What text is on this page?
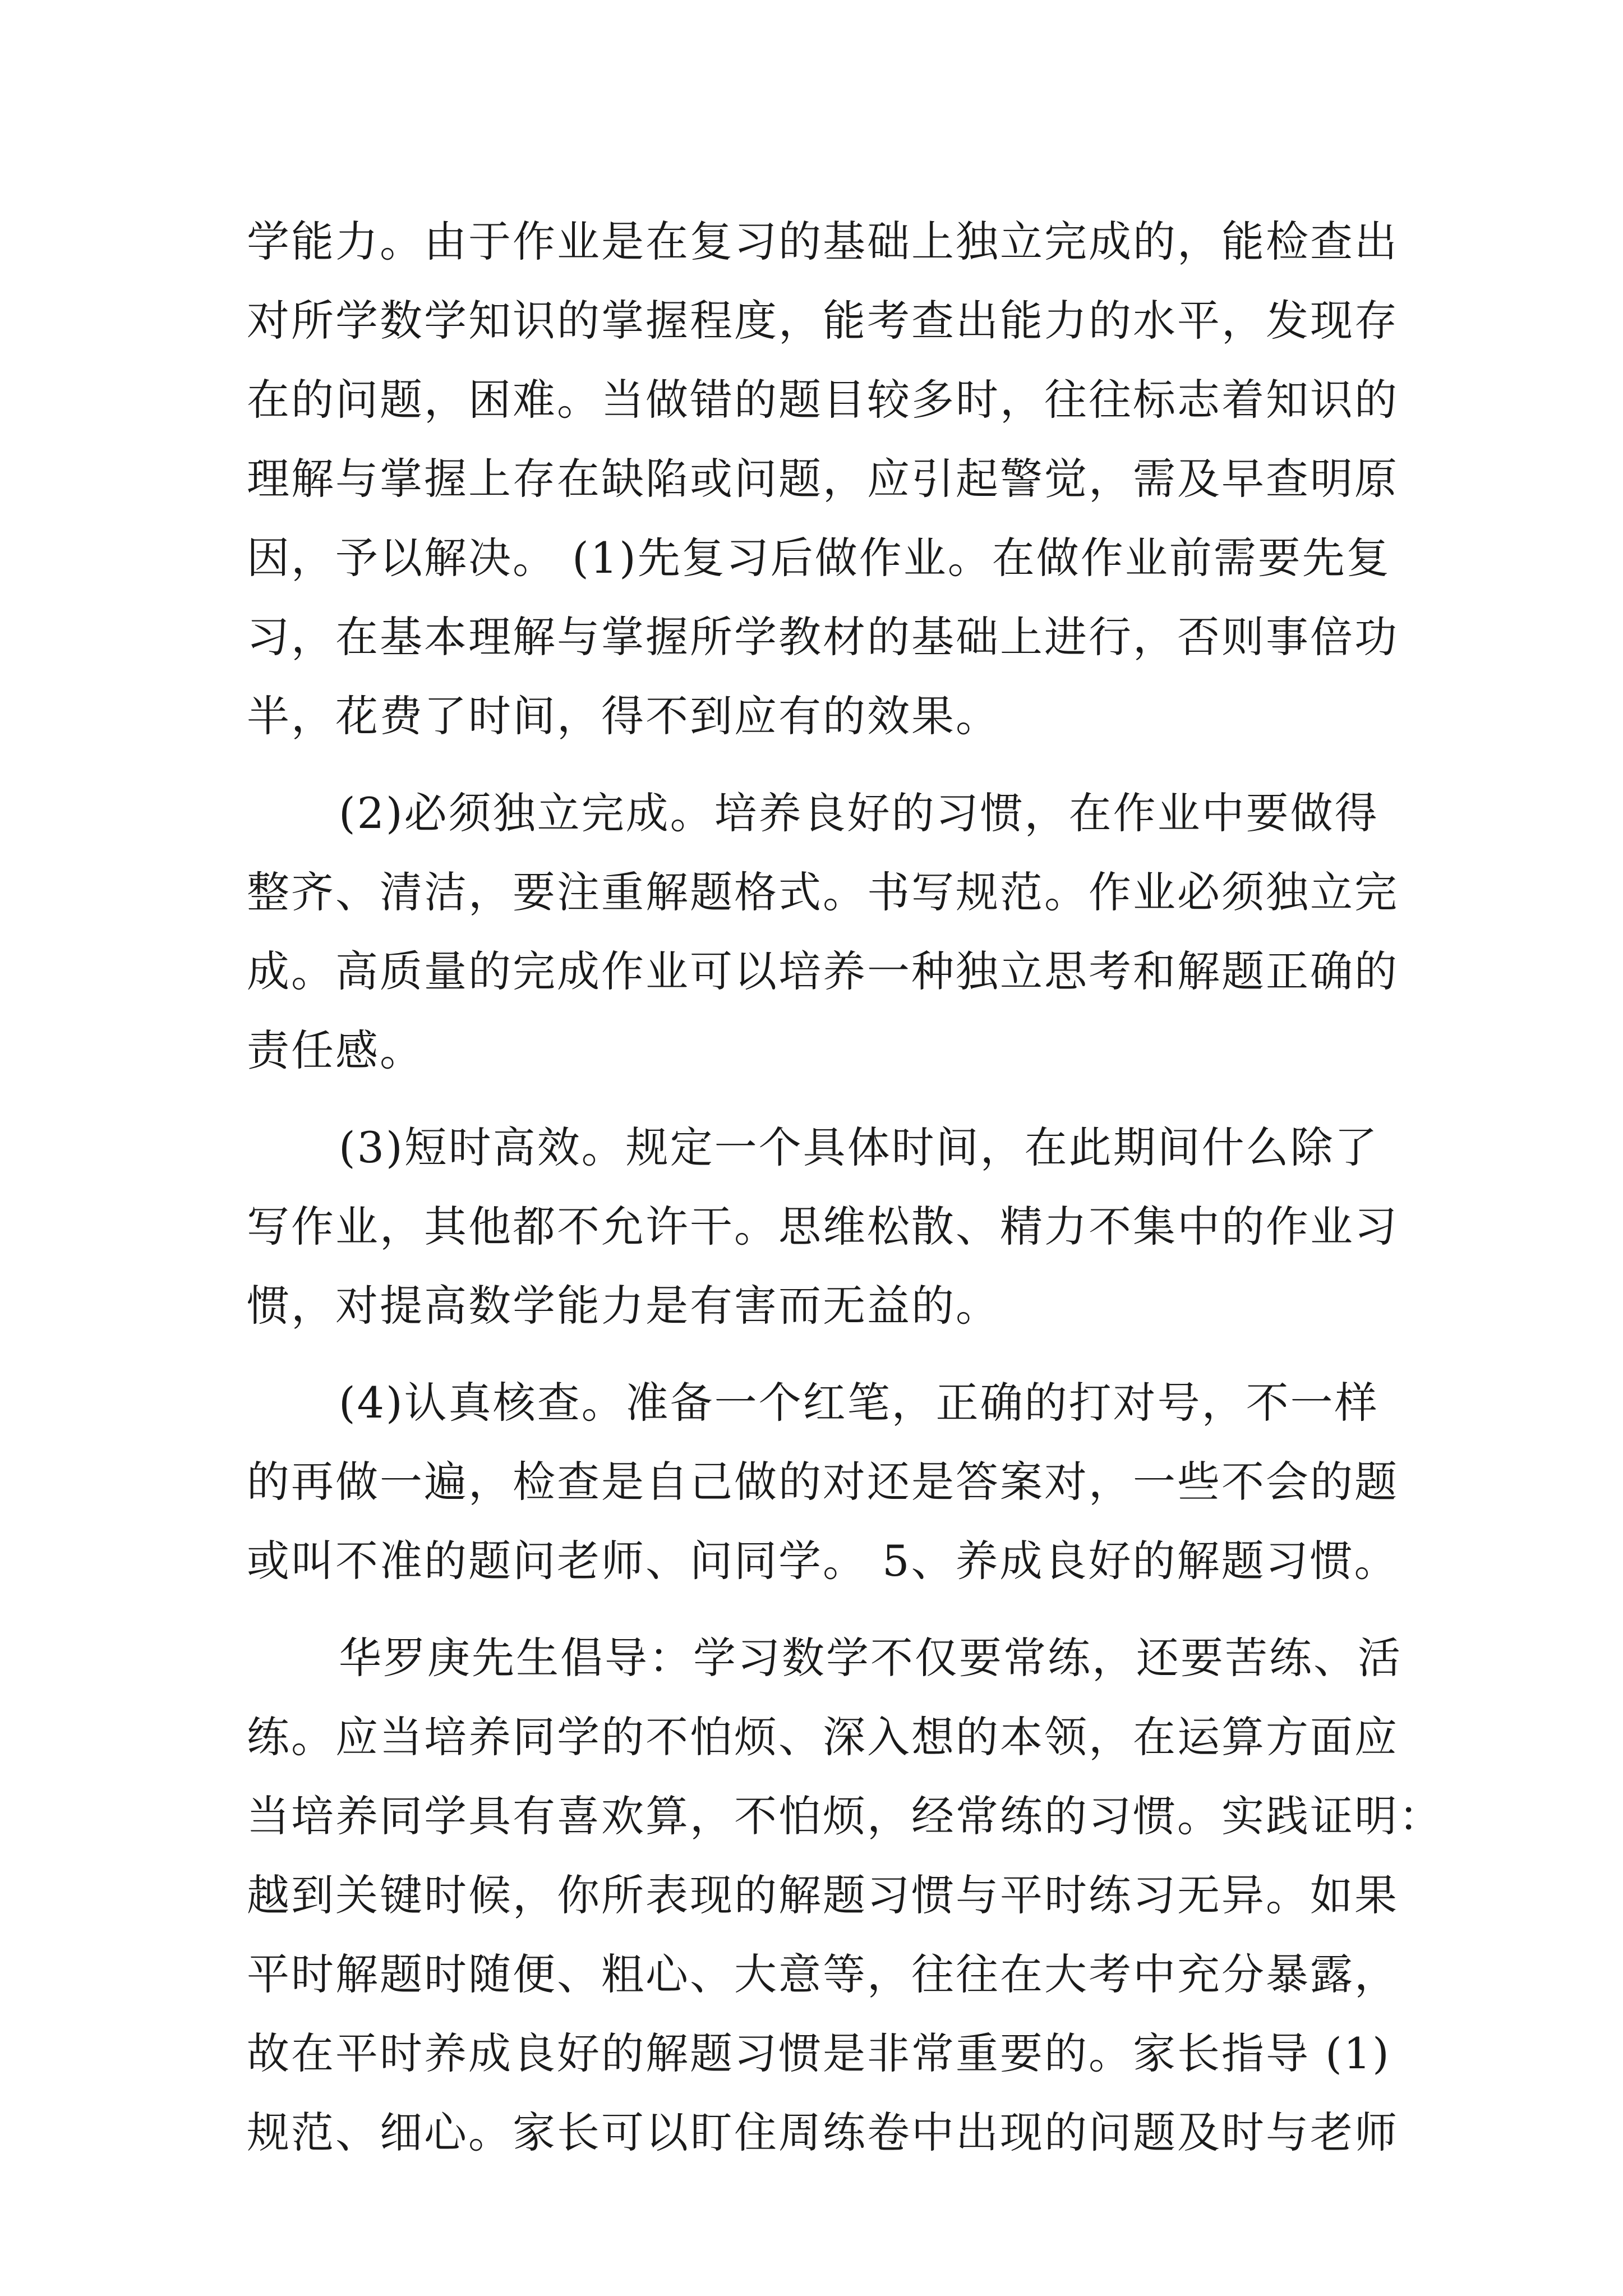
学能力。由于作业是在复习的基础上独立完成的，能检查出
对所学数学知识的掌握程度，能考查出能力的水平，发现存
在的问题，困难。当做错的题目较多时，往往标志着知识的
理解与掌握上存在缺陷或问题，应引起警觉，需及早查明原
因，予以解决。 (1)先复习后做作业。在做作业前需要先复
习，在基本理解与掌握所学教材的基础上进行，否则事倍功
半，花费了时间，得不到应有的效果。
(2)必须独立完成。培养良好的习惯，在作业中要做得
整齐、清洁，要注重解题格式。书写规范。作业必须独立完
成。高质量的完成作业可以培养一种独立思考和解题正确的
责任感。
(3)短时高效。规定一个具体时间，在此期间什么除了
写作业，其他都不允许干。思维松散、精力不集中的作业习
惯，对提高数学能力是有害而无益的。
(4)认真核查。准备一个红笔，正确的打对号，不一样
的再做一遍，检查是自己做的对还是答案对，一些不会的题
或叫不准的题问老师、问同学。 5、养成良好的解题习惯。
华罗庚先生倡导：学习数学不仅要常练，还要苦练、活
练。应当培养同学的不怕烦、深入想的本领，在运算方面应
当培养同学具有喜欢算，不怕烦，经常练的习惯。实践证明：
越到关键时候，你所表现的解题习惯与平时练习无异。如果
平时解题时随便、粗心、大意等，往往在大考中充分暴露，
故在平时养成良好的解题习惯是非常重要的。家长指导 (1)
规范、细心。家长可以盯住周练卷中出现的问题及时与老师
